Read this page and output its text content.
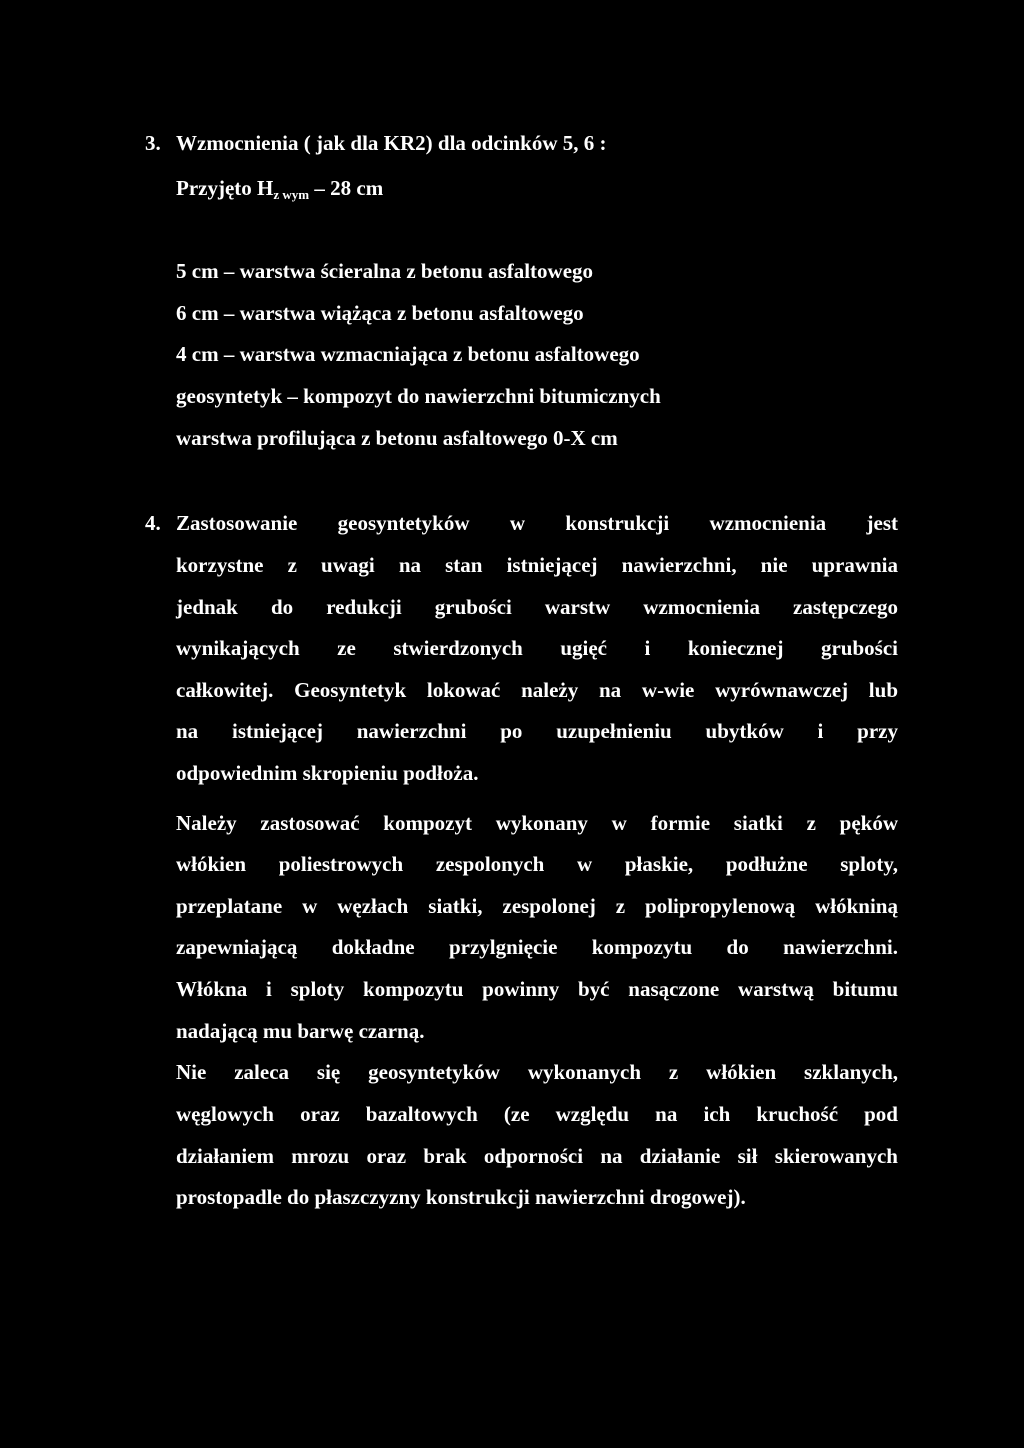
3. Wzmocnienia ( jak dla KR2) dla odcinków 5, 6 :
Przyjęto Hz wym – 28 cm
5 cm – warstwa ścieralna z betonu asfaltowego
6 cm – warstwa wiążąca z betonu asfaltowego
4 cm – warstwa wzmacniająca z betonu asfaltowego
geosyntetyk – kompozyt do nawierzchni bitumicznych
warstwa profilująca z betonu asfaltowego 0-X cm
4. Zastosowanie geosyntetyków w konstrukcji wzmocnienia jest
korzystne z uwagi na stan istniejącej nawierzchni, nie uprawnia
jednak do redukcji grubości warstw wzmocnienia zastępczego
wynikających ze stwierdzonych ugięć i koniecznej grubości
całkowitej. Geosyntetyk lokować należy na w-wie wyrównawczej lub
na istniejącej nawierzchni po uzupełnieniu ubytków i przy
odpowiednim skropieniu podłoża.
Należy zastosować kompozyt wykonany w formie siatki z pęków
włókien poliestrowych zespolonych w płaskie, podłużne sploty,
przeplatane w węzłach siatki, zespolonej z polipropylenową włókniną
zapewniającą dokładne przylgnięcie kompozytu do nawierzchni.
Włókna i sploty kompozytu powinny być nasączone warstwą bitumu
nadającą mu barwę czarną.
Nie zaleca się geosyntetyków wykonanych z włókien szklanych,
węglowych oraz bazaltowych (ze względu na ich kruchość pod
działaniem mrozu oraz brak odporności na działanie sił skierowanych
prostopadle do płaszczyzny konstrukcji nawierzchni drogowej).
